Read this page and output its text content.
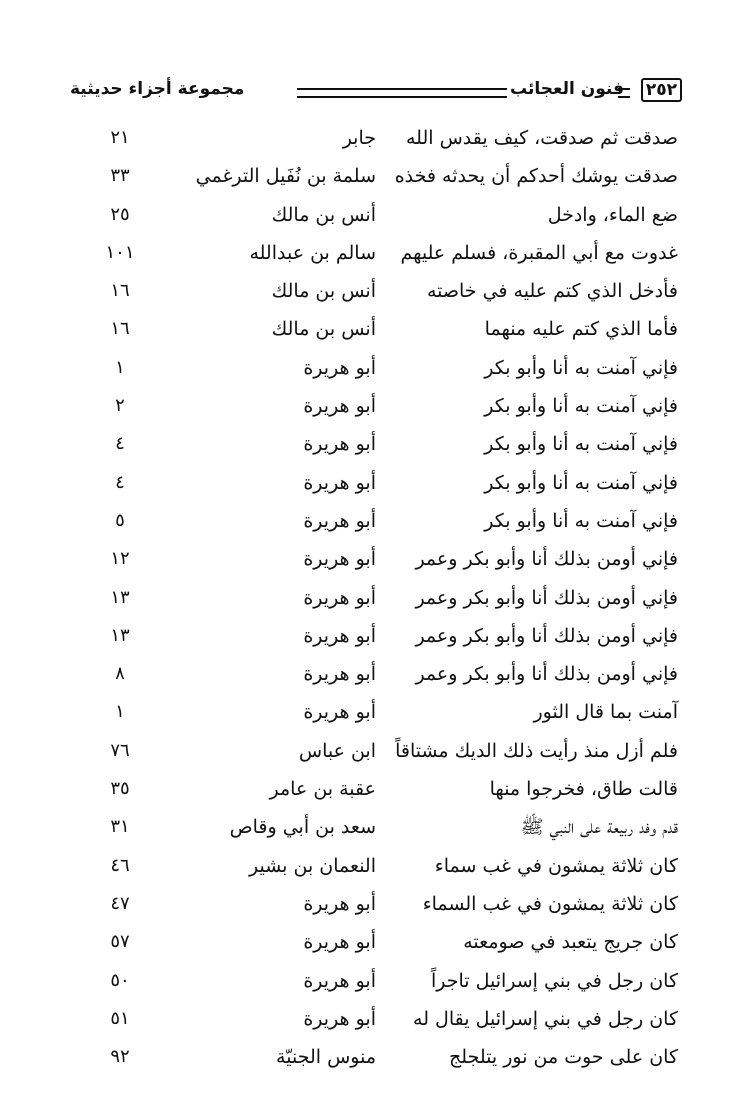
٢٥٢
فنون العجائب
مجموعة أجزاء حديثية
صدقت ثم صدقت، كيف يقدس الله
جابر
٢١
صدقت يوشك أحدكم أن يحدثه فخذه
سلمة بن نُفَيل الترغمي
٣٣
ضع الماء، وادخل
أنس بن مالك
٢٥
غدوت مع أبي المقبرة، فسلم عليهم
سالم بن عبدالله
١٠١
فأدخل الذي كتم عليه في خاصته
أنس بن مالك
١٦
فأما الذي كتم عليه منهما
أنس بن مالك
١٦
فإني آمنت به أنا وأبو بكر
أبو هريرة
١
فإني آمنت به أنا وأبو بكر
أبو هريرة
٢
فإني آمنت به أنا وأبو بكر
أبو هريرة
٤
فإني آمنت به أنا وأبو بكر
أبو هريرة
٤
فإني آمنت به أنا وأبو بكر
أبو هريرة
٥
فإني أومن بذلك أنا وأبو بكر وعمر
أبو هريرة
١٢
فإني أومن بذلك أنا وأبو بكر وعمر
أبو هريرة
١٣
فإني أومن بذلك أنا وأبو بكر وعمر
أبو هريرة
١٣
فإني أومن بذلك أنا وأبو بكر وعمر
أبو هريرة
٨
آمنت بما قال الثور
أبو هريرة
١
فلم أزل منذ رأيت ذلك الديك مشتاقاً
ابن عباس
٧٦
قالت طاق، فخرجوا منها
عقبة بن عامر
٣٥
قدم وفد ربيعة على النبي ﷺ
سعد بن أبي وقاص
٣١
كان ثلاثة يمشون في غب سماء
النعمان بن بشير
٤٦
كان ثلاثة يمشون في غب السماء
أبو هريرة
٤٧
كان جريج يتعبد في صومعته
أبو هريرة
٥٧
كان رجل في بني إسرائيل تاجراً
أبو هريرة
٥٠
كان رجل في بني إسرائيل يقال له
أبو هريرة
٥١
كان على حوت من نور يتلجلج
منوس الجنيّة
٩٢
